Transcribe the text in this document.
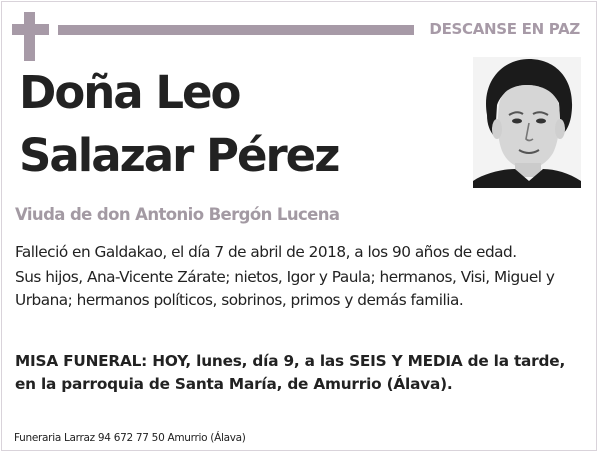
DESCANSE EN PAZ
Doña Leo
Salazar Pérez
Viuda de don Antonio Bergón Lucena

Falleció en Galdakao, el día 7 de abril de 2018, a los 90 años de edad.

Sus hijos, Ana-Vicente Zárate; nietos, Igor y Paula; hermanos, Visi, Miguel y Urbana; hermanos políticos, sobrinos, primos y demás familia.

MISA FUNERAL: HOY, lunes, día 9, a las SEIS Y MEDIA de la tarde, en la parroquia de Santa María, de Amurrio (Álava).

Funeraria Larraz 94 672 77 50 Amurrio (Álava)
